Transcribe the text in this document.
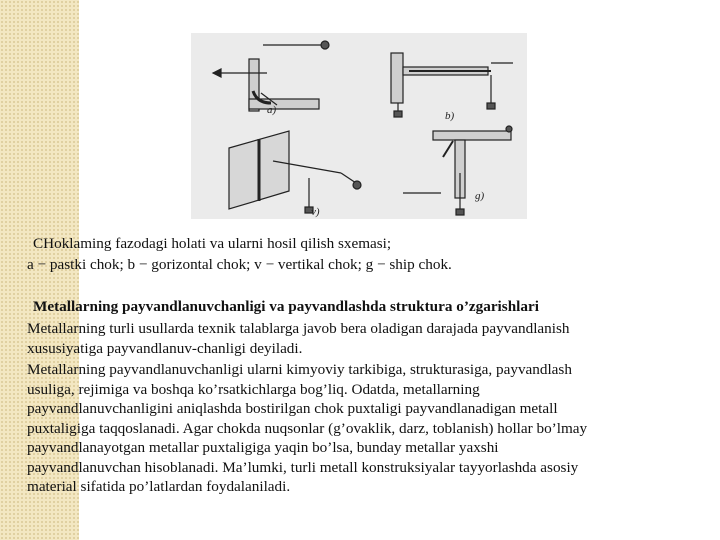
a)	b)
v)
g)
CHoklaming fazodagi holati va ularni hosil qilish sxemasi;
a − pastki chok; b − gorizontal chok; v − vertikal chok; g − ship chok.
Metallarning payvandlanuvchanligi va payvandlashda struktura o’zgarishlari
Metallarning turli usullarda texnik talablarga javob bera oladigan darajada payvandlanish
xususiyatiga payvandlanuv-chanligi deyiladi.
Metallarning payvandlanuvchanligi ularni kimyoviy tarkibiga, strukturasiga, payvandlash
usuliga, rejimiga va boshqa ko’rsatkichlarga bog’liq. Odatda, metallarning
payvandlanuvchanligini aniqlashda bostirilgan chok puxtaligi payvandlanadigan metall
puxtaligiga taqqoslanadi. Agar chokda nuqsonlar (g’ovaklik, darz, toblanish) hollar bo’lmay
payvandlanayotgan metallar puxtaligiga yaqin bo’lsa, bunday metallar yaxshi
payvandlanuvchan hisoblanadi. Ma’lumki, turli metall konstruksiyalar tayyorlashda asosiy
material sifatida po’latlardan foydalaniladi.
